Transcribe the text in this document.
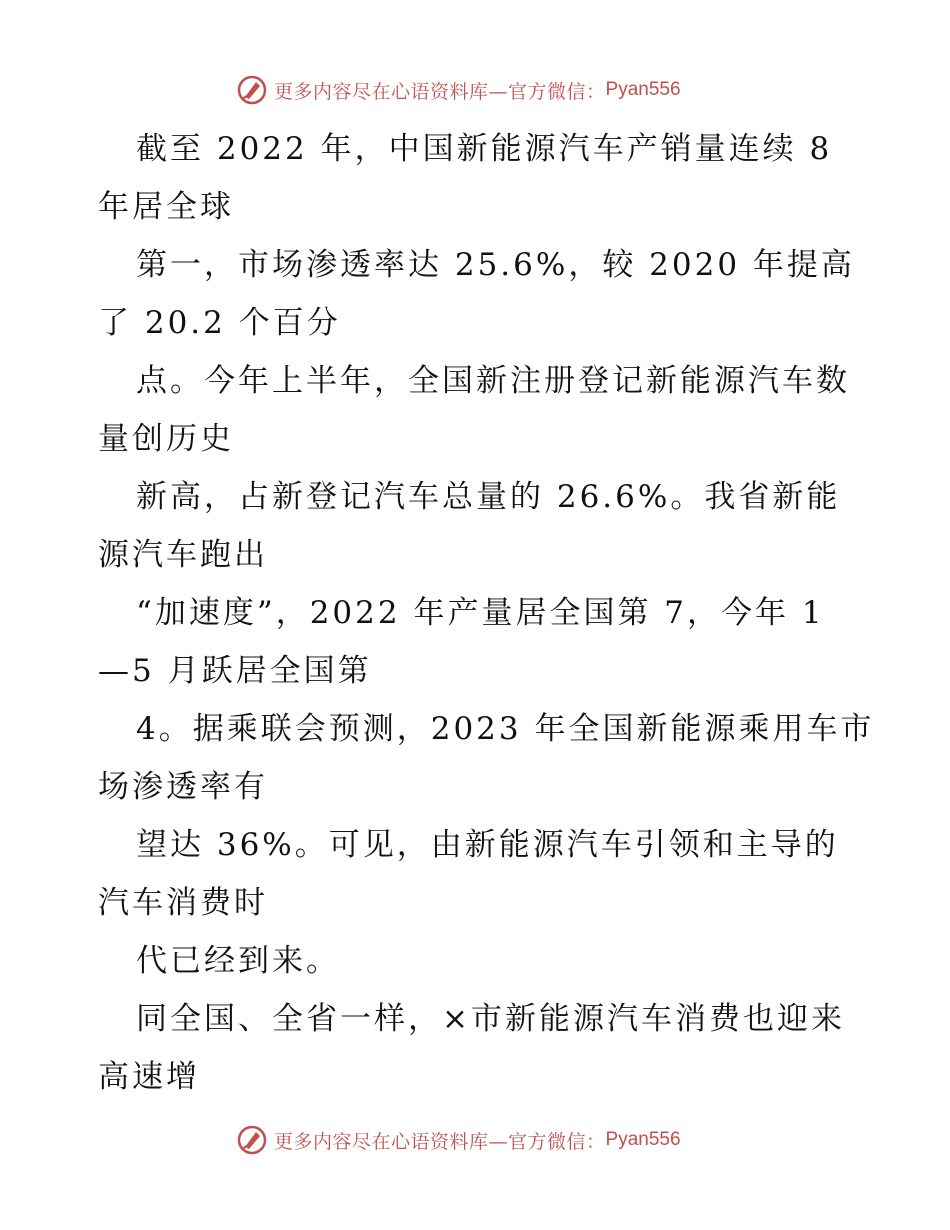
更多内容尽在心语资料库—官方微信： Pyan556
截至 2022 年，中国新能源汽车产销量连续 8
年居全球
第一，市场渗透率达 25.6%，较 2020 年提高
了 20.2 个百分
点。今年上半年，全国新注册登记新能源汽车数
量创历史
新高，占新登记汽车总量的 26.6%。我省新能
源汽车跑出
“加速度”，2022 年产量居全国第 7，今年 1
—5 月跃居全国第
4。据乘联会预测，2023 年全国新能源乘用车市
场渗透率有
望达 36%。可见，由新能源汽车引领和主导的
汽车消费时
代已经到来。
同全国、全省一样，×市新能源汽车消费也迎来
高速增
更多内容尽在心语资料库—官方微信： Pyan556
